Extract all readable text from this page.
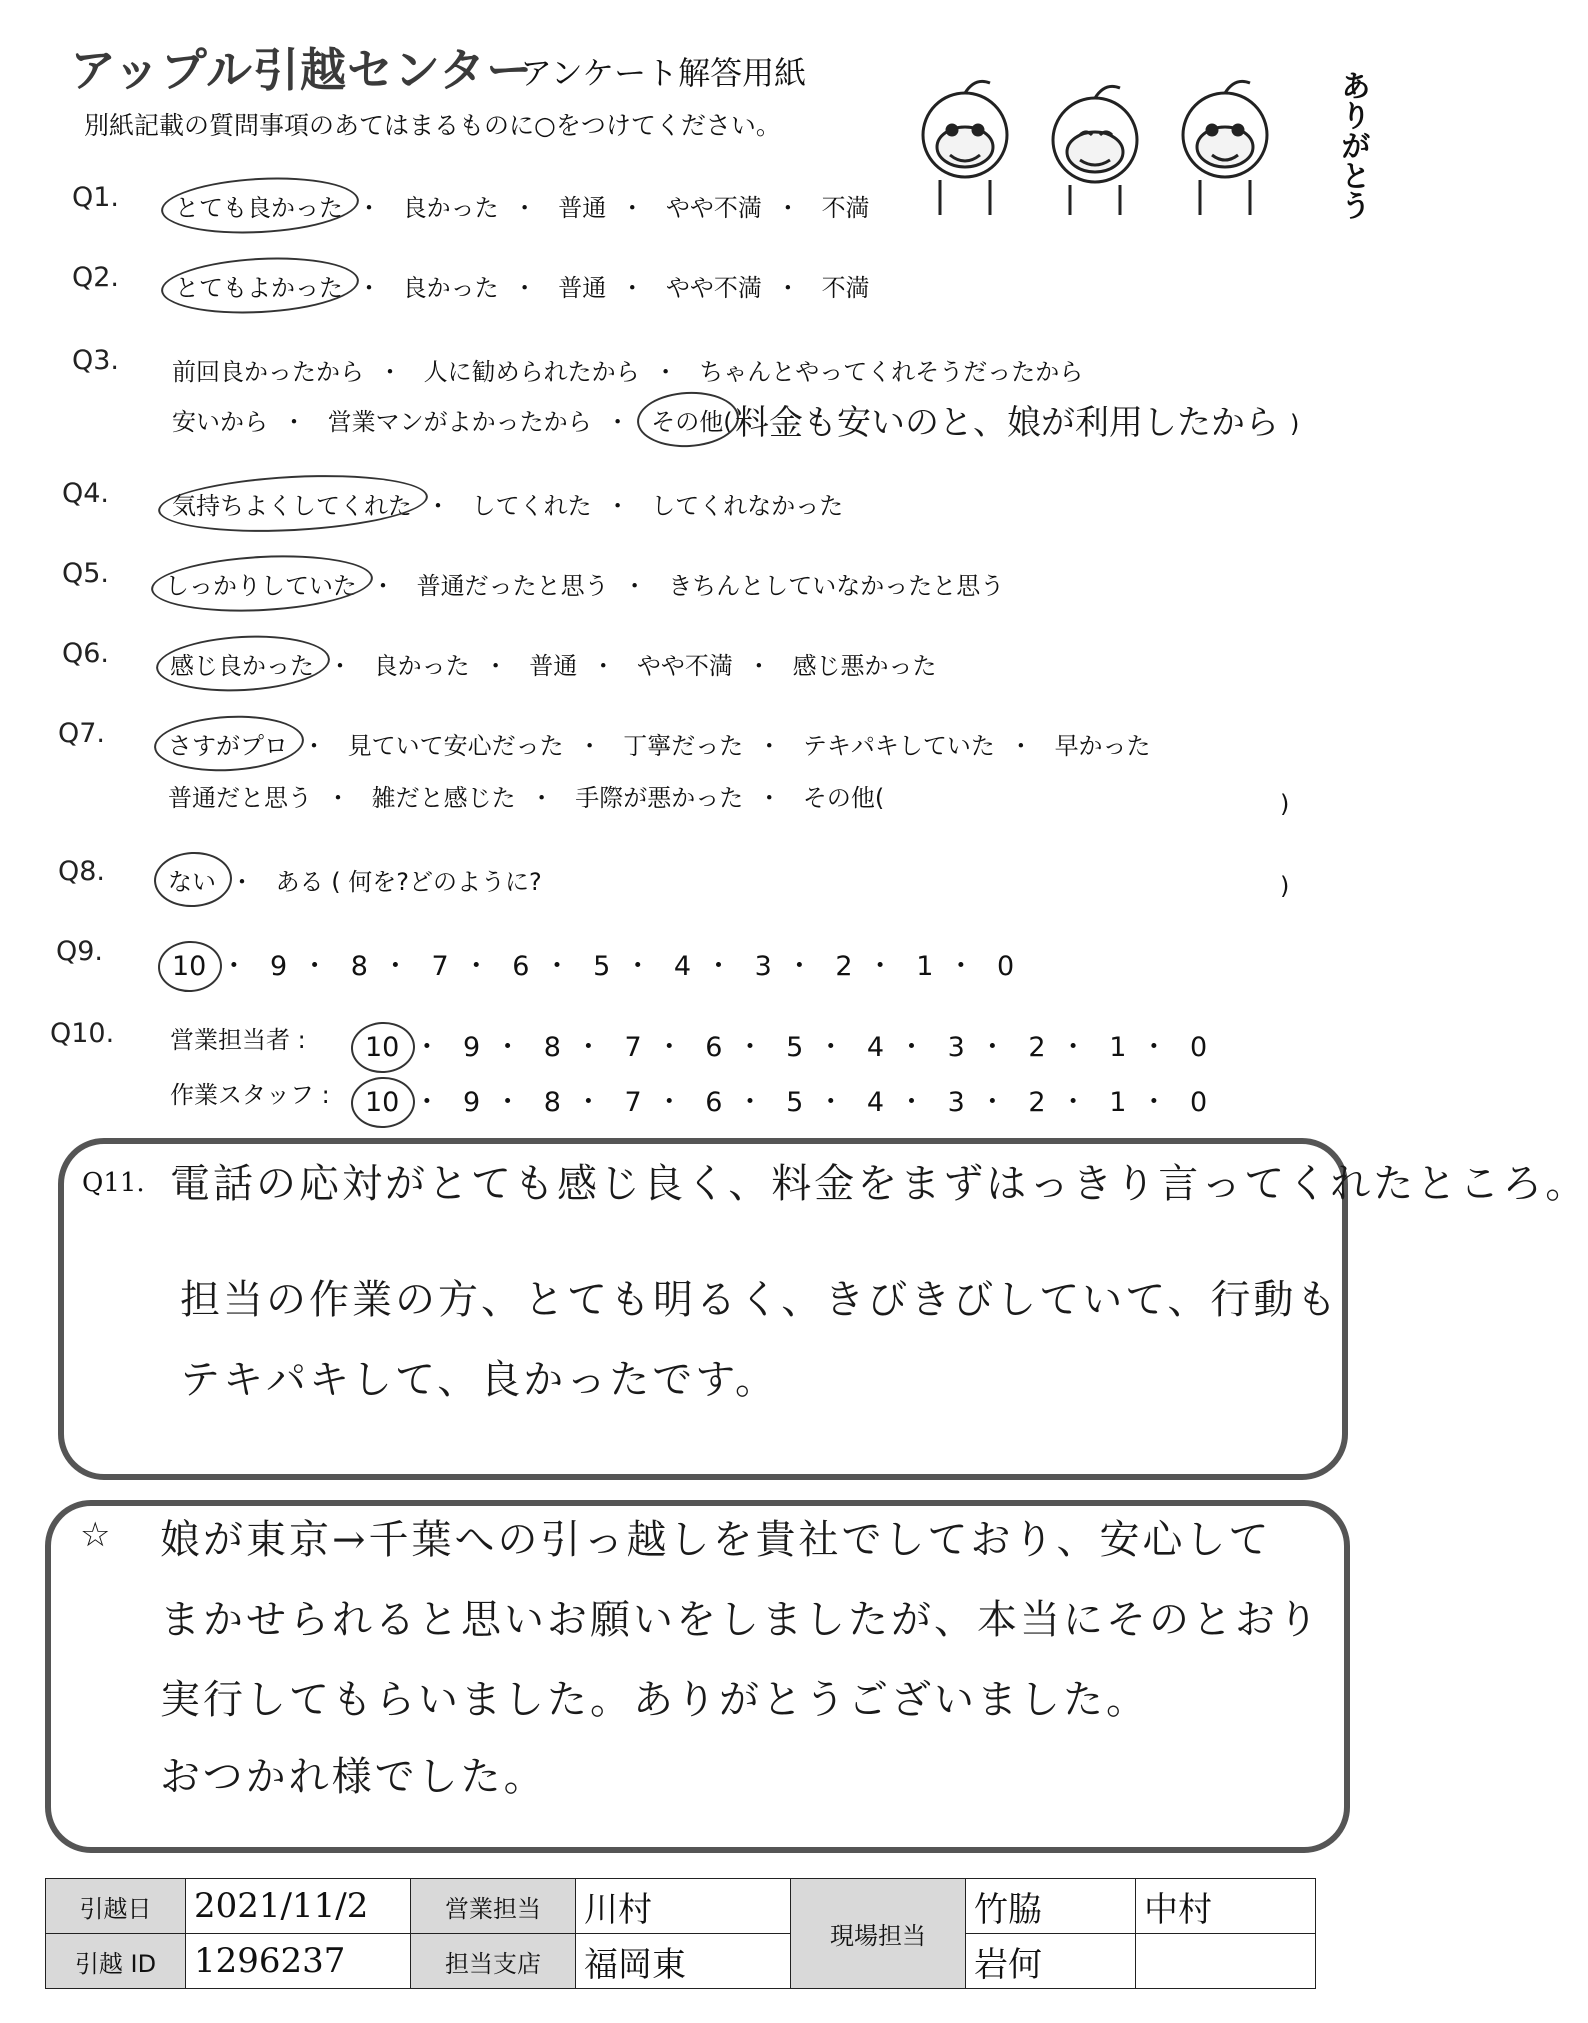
アップル引越センター
アンケート解答用紙
別紙記載の質問事項のあてはまるものに○をつけてください。	ありがとう
Q1. とても良かった ・ 良かった ・ 普通 ・ やや不満 ・ 不満
Q2. とてもよかった ・ 良かった ・ 普通 ・ やや不満 ・ 不満
Q3. 前回良かったから ・ 人に勧められたから ・ ちゃんとやってくれそうだったから
安いから ・ 営業マンがよかったから ・ その他( 料金も安いのと、娘が利用したから )
Q4.	気持ちよくしてくれた ・ してくれた ・ してくれなかった
Q5. しっかりしていた ・ 普通だったと思う ・ きちんとしていなかったと思う
Q6.	感じ良かった ・ 良かった ・ 普通 ・ やや不満 ・ 感じ悪かった
Q7.	さすがプロ ・ 見ていて安心だった ・ 丁寧だった ・ テキパキしていた ・ 早かった
普通だと思う ・ 雑だと感じた ・ 手際が悪かった ・ その他(	)
Q8.	ない ・ ある ( 何を?どのように?	)
Q9.	10 ・ 9 ・ 8 ・ 7 ・ 6 ・ 5 ・ 4 ・ 3 ・ 2 ・ 1 ・ 0
Q10. 営業担当者 : 10 ・ 9 ・ 8 ・ 7 ・ 6 ・ 5 ・ 4 ・ 3 ・ 2 ・ 1 ・ 0
作業スタッフ : 10 ・ 9 ・ 8 ・ 7 ・ 6 ・ 5 ・ 4 ・ 3 ・ 2 ・ 1 ・ 0
Q11. 電話の応対がとても感じ良く、料金をまずはっきり言ってくれたところ。
担当の作業の方、とても明るく、きびきびしていて、行動も
テキパキして、良かったです。
☆ 娘が東京→千葉への引っ越しを貴社でしており、安心して
まかせられると思いお願いをしましたが、本当にそのとおり
実行してもらいました。ありがとうございました。
おつかれ様でした。
引越日	2021/11/2	営業担当	川村	現場担当	竹脇	中村
引越 ID	1296237	担当支店	福岡東		岩何	
